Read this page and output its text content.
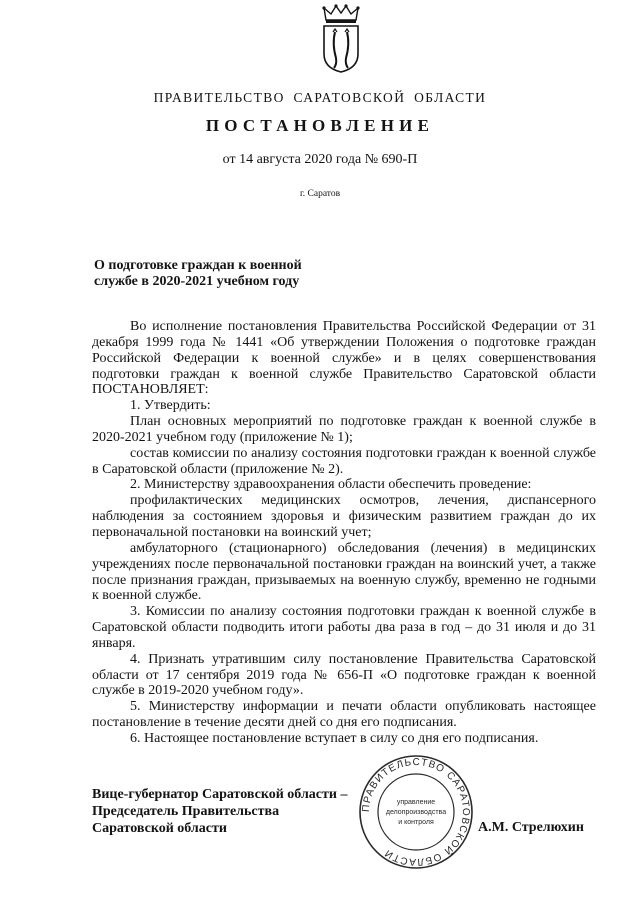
ПРАВИТЕЛЬСТВО САРАТОВСКОЙ ОБЛАСТИ
ПОСТАНОВЛЕНИЕ
от 14 августа 2020 года № 690-П
г. Саратов
О подготовке граждан к военной
службе в 2020-2021 учебном году

Во исполнение постановления Правительства Российской Федерации от 31 декабря 1999 года № 1441 «Об утверждении Положения о подготовке граждан Российской Федерации к военной службе» и в целях совершенствования подготовки граждан к военной службе Правительство Саратовской области ПОСТАНОВЛЯЕТ:

1. Утвердить:

План основных мероприятий по подготовке граждан к военной службе в 2020-2021 учебном году (приложение № 1);

состав комиссии по анализу состояния подготовки граждан к военной службе в Саратовской области (приложение № 2).

2. Министерству здравоохранения области обеспечить проведение:

профилактических медицинских осмотров, лечения, диспансерного наблюдения за состоянием здоровья и физическим развитием граждан до их первоначальной постановки на воинский учет;

амбулаторного (стационарного) обследования (лечения) в медицинских учреждениях после первоначальной постановки граждан на воинский учет, а также после признания граждан, призываемых на военную службу, временно не годными к военной службе.

3. Комиссии по анализу состояния подготовки граждан к военной службе в Саратовской области подводить итоги работы два раза в год – до 31 июля и до 31 января.

4. Признать утратившим силу постановление Правительства Саратовской области от 17 сентября 2019 года № 656-П «О подготовке граждан к военной службе в 2019-2020 учебном году».

5. Министерству информации и печати области опубликовать настоящее постановление в течение десяти дней со дня его подписания.

6. Настоящее постановление вступает в силу со дня его подписания.

ПРАВИТЕЛЬСТВО САРАТОВСКОЙ ОБЛАСТИ
управление
делопроизводства
и контроля
Вице-губернатор Саратовской области –
Председатель Правительства
Саратовской области	А.М. Стрелюхин
